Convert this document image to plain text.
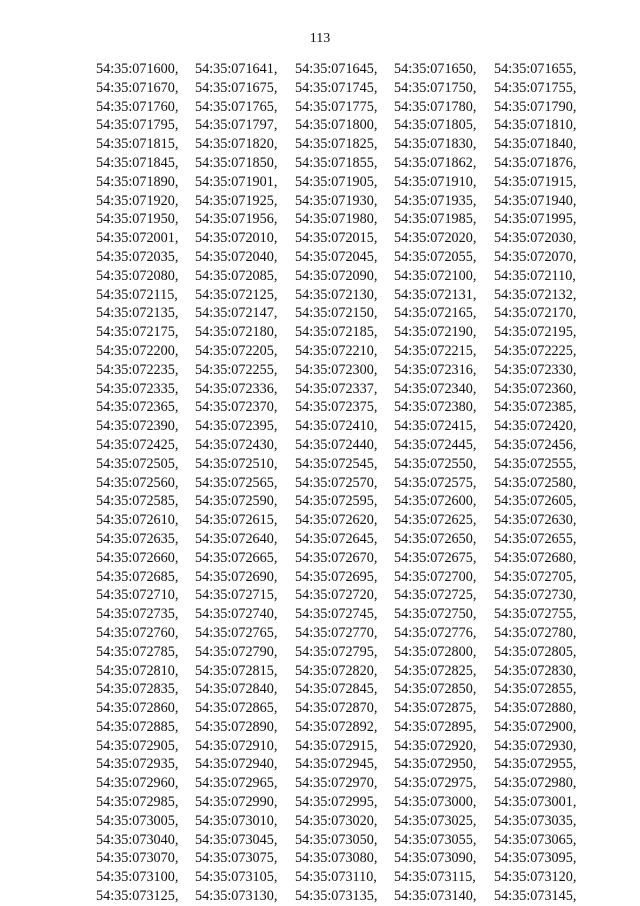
113
54:35:071600,	54:35:071641,	54:35:071645,	54:35:071650,	54:35:071655,
54:35:071670,	54:35:071675,	54:35:071745,	54:35:071750,	54:35:071755,
54:35:071760,	54:35:071765,	54:35:071775,	54:35:071780,	54:35:071790,
54:35:071795,	54:35:071797,	54:35:071800,	54:35:071805,	54:35:071810,
54:35:071815,	54:35:071820,	54:35:071825,	54:35:071830,	54:35:071840,
54:35:071845,	54:35:071850,	54:35:071855,	54:35:071862,	54:35:071876,
54:35:071890,	54:35:071901,	54:35:071905,	54:35:071910,	54:35:071915,
54:35:071920,	54:35:071925,	54:35:071930,	54:35:071935,	54:35:071940,
54:35:071950,	54:35:071956,	54:35:071980,	54:35:071985,	54:35:071995,
54:35:072001,	54:35:072010,	54:35:072015,	54:35:072020,	54:35:072030,
54:35:072035,	54:35:072040,	54:35:072045,	54:35:072055,	54:35:072070,
54:35:072080,	54:35:072085,	54:35:072090,	54:35:072100,	54:35:072110,
54:35:072115,	54:35:072125,	54:35:072130,	54:35:072131,	54:35:072132,
54:35:072135,	54:35:072147,	54:35:072150,	54:35:072165,	54:35:072170,
54:35:072175,	54:35:072180,	54:35:072185,	54:35:072190,	54:35:072195,
54:35:072200,	54:35:072205,	54:35:072210,	54:35:072215,	54:35:072225,
54:35:072235,	54:35:072255,	54:35:072300,	54:35:072316,	54:35:072330,
54:35:072335,	54:35:072336,	54:35:072337,	54:35:072340,	54:35:072360,
54:35:072365,	54:35:072370,	54:35:072375,	54:35:072380,	54:35:072385,
54:35:072390,	54:35:072395,	54:35:072410,	54:35:072415,	54:35:072420,
54:35:072425,	54:35:072430,	54:35:072440,	54:35:072445,	54:35:072456,
54:35:072505,	54:35:072510,	54:35:072545,	54:35:072550,	54:35:072555,
54:35:072560,	54:35:072565,	54:35:072570,	54:35:072575,	54:35:072580,
54:35:072585,	54:35:072590,	54:35:072595,	54:35:072600,	54:35:072605,
54:35:072610,	54:35:072615,	54:35:072620,	54:35:072625,	54:35:072630,
54:35:072635,	54:35:072640,	54:35:072645,	54:35:072650,	54:35:072655,
54:35:072660,	54:35:072665,	54:35:072670,	54:35:072675,	54:35:072680,
54:35:072685,	54:35:072690,	54:35:072695,	54:35:072700,	54:35:072705,
54:35:072710,	54:35:072715,	54:35:072720,	54:35:072725,	54:35:072730,
54:35:072735,	54:35:072740,	54:35:072745,	54:35:072750,	54:35:072755,
54:35:072760,	54:35:072765,	54:35:072770,	54:35:072776,	54:35:072780,
54:35:072785,	54:35:072790,	54:35:072795,	54:35:072800,	54:35:072805,
54:35:072810,	54:35:072815,	54:35:072820,	54:35:072825,	54:35:072830,
54:35:072835,	54:35:072840,	54:35:072845,	54:35:072850,	54:35:072855,
54:35:072860,	54:35:072865,	54:35:072870,	54:35:072875,	54:35:072880,
54:35:072885,	54:35:072890,	54:35:072892,	54:35:072895,	54:35:072900,
54:35:072905,	54:35:072910,	54:35:072915,	54:35:072920,	54:35:072930,
54:35:072935,	54:35:072940,	54:35:072945,	54:35:072950,	54:35:072955,
54:35:072960,	54:35:072965,	54:35:072970,	54:35:072975,	54:35:072980,
54:35:072985,	54:35:072990,	54:35:072995,	54:35:073000,	54:35:073001,
54:35:073005,	54:35:073010,	54:35:073020,	54:35:073025,	54:35:073035,
54:35:073040,	54:35:073045,	54:35:073050,	54:35:073055,	54:35:073065,
54:35:073070,	54:35:073075,	54:35:073080,	54:35:073090,	54:35:073095,
54:35:073100,	54:35:073105,	54:35:073110,	54:35:073115,	54:35:073120,
54:35:073125,	54:35:073130,	54:35:073135,	54:35:073140,	54:35:073145,
